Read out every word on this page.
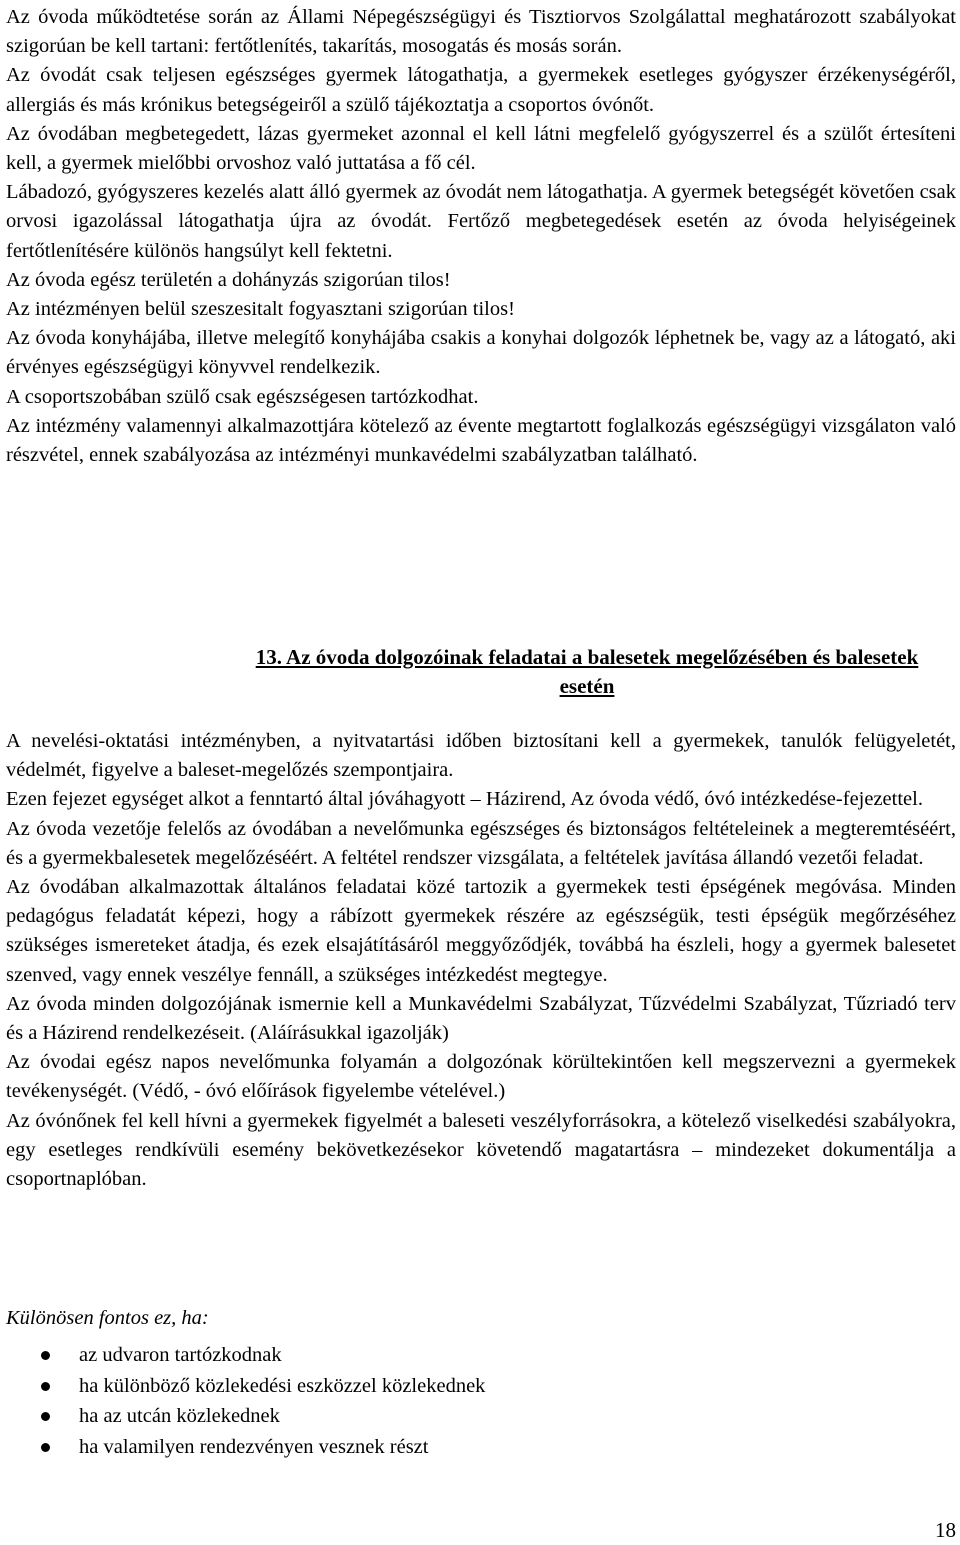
Az óvoda működtetése során az Állami Népegészségügyi és Tisztiorvos Szolgálattal meghatározott szabályokat szigorúan be kell tartani: fertőtlenítés, takarítás, mosogatás és mosás során.

Az óvodát csak teljesen egészséges gyermek látogathatja, a gyermekek esetleges gyógyszer érzékenységéről, allergiás és más krónikus betegségeiről a szülő tájékoztatja a csoportos óvónőt.

Az óvodában megbetegedett, lázas gyermeket azonnal el kell látni megfelelő gyógyszerrel és a szülőt értesíteni kell, a gyermek mielőbbi orvoshoz való juttatása a fő cél.

Lábadozó, gyógyszeres kezelés alatt álló gyermek az óvodát nem látogathatja. A gyermek betegségét követően csak orvosi igazolással látogathatja újra az óvodát. Fertőző megbetegedések esetén az óvoda helyiségeinek fertőtlenítésére különös hangsúlyt kell fektetni.

Az óvoda egész területén a dohányzás szigorúan tilos!

Az intézményen belül szeszesitalt fogyasztani szigorúan tilos!

Az óvoda konyhájába, illetve melegítő konyhájába csakis a konyhai dolgozók léphetnek be, vagy az a látogató, aki érvényes egészségügyi könyvvel rendelkezik.

A csoportszobában szülő csak egészségesen tartózkodhat.

Az intézmény valamennyi alkalmazottjára kötelező az évente megtartott foglalkozás egészségügyi vizsgálaton való részvétel, ennek szabályozása az intézményi munkavédelmi szabályzatban található.

13. Az óvoda dolgozóinak feladatai a balesetek megelőzésében és balesetek esetén

A nevelési-oktatási intézményben, a nyitvatartási időben biztosítani kell a gyermekek, tanulók felügyeletét, védelmét, figyelve a baleset-megelőzés szempontjaira.

Ezen fejezet egységet alkot a fenntartó által jóváhagyott – Házirend, Az óvoda védő, óvó intézkedése-fejezettel.

Az óvoda vezetője felelős az óvodában a nevelőmunka egészséges és biztonságos feltételeinek a megteremtéséért, és a gyermekbalesetek megelőzéséért. A feltétel rendszer vizsgálata, a feltételek javítása állandó vezetői feladat.

Az óvodában alkalmazottak általános feladatai közé tartozik a gyermekek testi épségének megóvása. Minden pedagógus feladatát képezi, hogy a rábízott gyermekek részére az egészségük, testi épségük megőrzéséhez szükséges ismereteket átadja, és ezek elsajátításáról meggyőződjék, továbbá ha észleli, hogy a gyermek balesetet szenved, vagy ennek veszélye fennáll, a szükséges intézkedést megtegye.

Az óvoda minden dolgozójának ismernie kell a Munkavédelmi Szabályzat, Tűzvédelmi Szabályzat, Tűzriadó terv és a Házirend rendelkezéseit. (Aláírásukkal igazolják)

Az óvodai egész napos nevelőmunka folyamán a dolgozónak körültekintően kell megszervezni a gyermekek tevékenységét. (Védő, - óvó előírások figyelembe vételével.)

Az óvónőnek fel kell hívni a gyermekek figyelmét a baleseti veszélyforrásokra, a kötelező viselkedési szabályokra, egy esetleges rendkívüli esemény bekövetkezésekor követendő magatartásra – mindezeket dokumentálja a csoportnaplóban.

Különösen fontos ez, ha:
az udvaron tartózkodnak
ha különböző közlekedési eszközzel közlekednek
ha az utcán közlekednek
ha valamilyen rendezvényen vesznek részt
18
